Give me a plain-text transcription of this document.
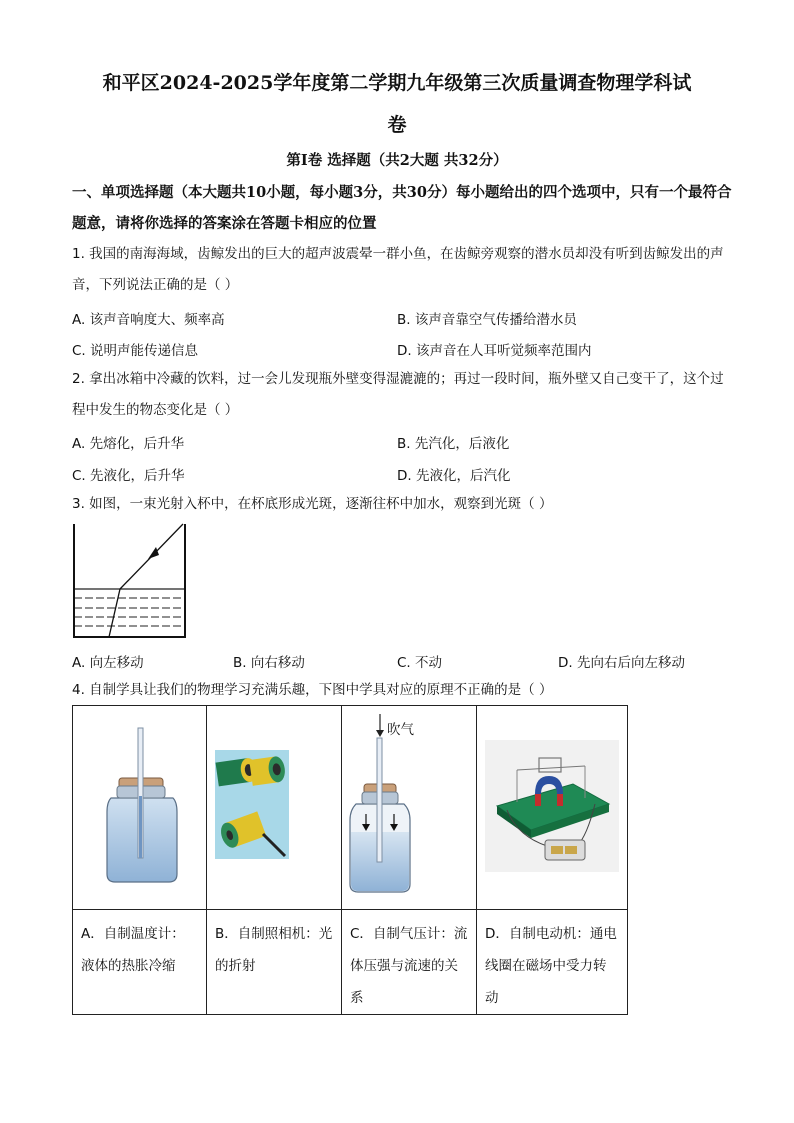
和平区2024-2025学年度第二学期九年级第三次质量调查物理学科试
卷
第Ⅰ卷 选择题（共2大题 共32分）
一、单项选择题（本大题共10小题，每小题3分，共30分）每小题给出的四个选项中，只有一个最符合题意，请将你选择的答案涂在答题卡相应的位置
1. 我国的南海海域，齿鲸发出的巨大的超声波震晕一群小鱼，在齿鲸旁观察的潜水员却没有听到齿鲸发出的声音，下列说法正确的是（ ）
A. 该声音响度大、频率高	B. 该声音靠空气传播给潜水员
C. 说明声能传递信息	D. 该声音在人耳听觉频率范围内
2. 拿出冰箱中冷藏的饮料，过一会儿发现瓶外壁变得湿漉漉的；再过一段时间，瓶外壁又自己变干了，这个过程中发生的物态变化是（ ）
A. 先熔化，后升华	B. 先汽化，后液化
C. 先液化，后升华	D. 先液化，后汽化
3. 如图，一束光射入杯中，在杯底形成光斑，逐渐往杯中加水，观察到光斑（ ）
A. 向左移动	B. 向右移动	C. 不动	D. 先向右后向左移动
4. 自制学具让我们的物理学习充满乐趣，下图中学具对应的原理不正确的是（ ）

吹气

A．自制温度计：液体的热胀冷缩	B．自制照相机：光的折射	C．自制气压计：流体压强与流速的关系	D．自制电动机：通电线圈在磁场中受力转动
